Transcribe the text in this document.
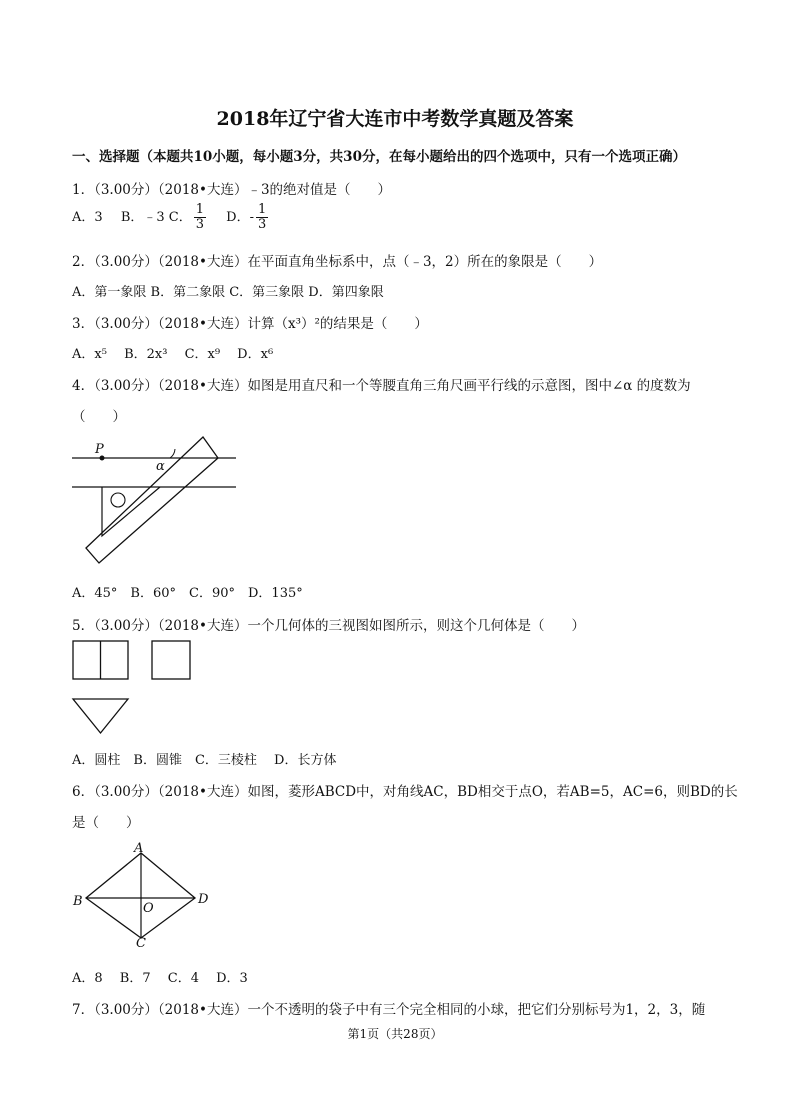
2018年辽宁省大连市中考数学真题及答案
一、选择题（本题共10小题，每小题3分，共30分，在每小题给出的四个选项中，只有一个选项正确）
1．（3.00分）（2018•大连）﹣3的绝对值是（　　）
A．3 B．﹣3 C． $\frac{1}{3}$ D．- $\frac{1}{3}$
2．（3.00分）（2018•大连）在平面直角坐标系中，点（﹣3，2）所在的象限是（　　）
A．第一象限 B．第二象限 C．第三象限 D．第四象限
3．（3.00分）（2018•大连）计算（x³）²的结果是（　　）
A．x⁵　 B．2x³　 C．x⁹　 D．x⁶
4．（3.00分）（2018•大连）如图是用直尺和一个等腰直角三角尺画平行线的示意图，图中∠α 的度数为
（　　）
P
α
A．45°　B．60°　C．90°　D．135°
5．（3.00分）（2018•大连）一个几何体的三视图如图所示，则这个几何体是（　　）
A．圆柱　B．圆锥　C．三棱柱　 D．长方体
6．（3.00分）（2018•大连）如图，菱形ABCD中，对角线AC，BD相交于点O，若AB=5，AC=6，则BD的长
是（　　）
A
B
C
D
O
A．8　 B．7　 C．4　 D．3
7．（3.00分）（2018•大连）一个不透明的袋子中有三个完全相同的小球，把它们分别标号为1，2，3，随
第1页（共28页）
